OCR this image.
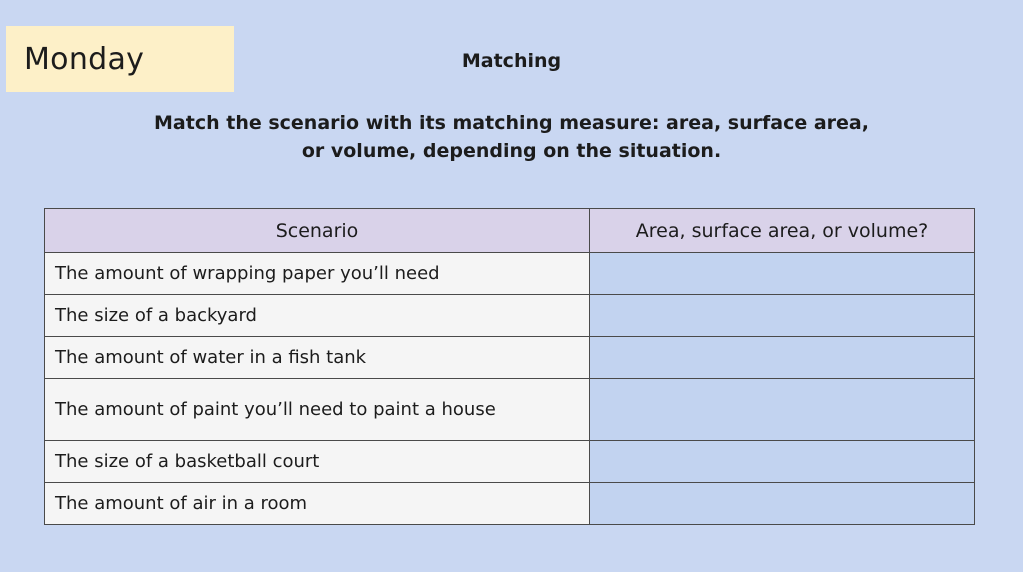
Monday	Matching
Match the scenario with its matching measure: area, surface area,
or volume, depending on the situation.
Scenario	Area, surface area, or volume?
The amount of wrapping paper you’ll need	
The size of a backyard	
The amount of water in a fish tank	
The amount of paint you’ll need to paint a house	
The size of a basketball court	
The amount of air in a room	
